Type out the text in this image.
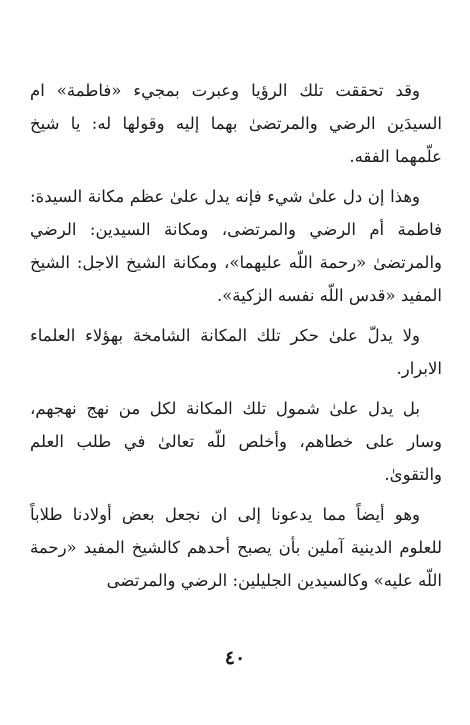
وقد تحققت تلك الرؤيا وعبرت بمجيء «فاطمة» ام السيدَين الرضي والمرتضىٰ بهما إليه وقولها له: يا شيخ علّمهما الفقه.

وهذا إن دل علىٰ شيء فإنه يدل علىٰ عظم مكانة السيدة: فاطمة أم الرضي والمرتضى، ومكانة السيدين: الرضي والمرتضىٰ «رحمة اللّه عليهما»، ومكانة الشيخ الاجل: الشيخ المفيد «قدس اللّه نفسه الزكية».

ولا يدلّ علىٰ حكر تلك المكانة الشامخة بهؤلاء العلماء الابرار.

بل يدل علىٰ شمول تلك المكانة لكل من نهج نهجهم، وسار على خطاهم، وأخلص للّه تعالىٰ في طلب العلم والتقوىٰ.

وهو أيضاً مما يدعونا إلى ان نجعل بعض أولادنا طلاباً للعلوم الدينية آملين بأن يصبح أحدهم كالشيخ المفيد «رحمة اللّه عليه» وكالسيدين الجليلين: الرضي والمرتضى

٤٠
